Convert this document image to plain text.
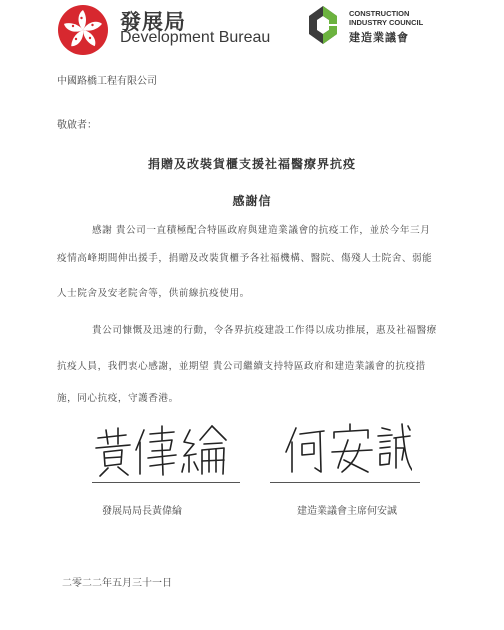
發展局
Development Bureau
CONSTRUCTION
INDUSTRY COUNCIL
建造業議會
中國路橋工程有限公司
敬啟者：
捐贈及改裝貨櫃支援社福醫療界抗疫
感謝信
感謝 貴公司一直積極配合特區政府與建造業議會的抗疫工作，並於今年三月
疫情高峰期間伸出援手，捐贈及改裝貨櫃予各社福機構、醫院、傷殘人士院舍、弱能
人士院舍及安老院舍等，供前線抗疫使用。
貴公司慷慨及迅速的行動，令各界抗疫建設工作得以成功推展，惠及社福醫療
抗疫人員，我們衷心感謝，並期望 貴公司繼續支持特區政府和建造業議會的抗疫措
施，同心抗疫，守護香港。
發展局局長黃偉綸	建造業議會主席何安誠
二零二二年五月三十一日
